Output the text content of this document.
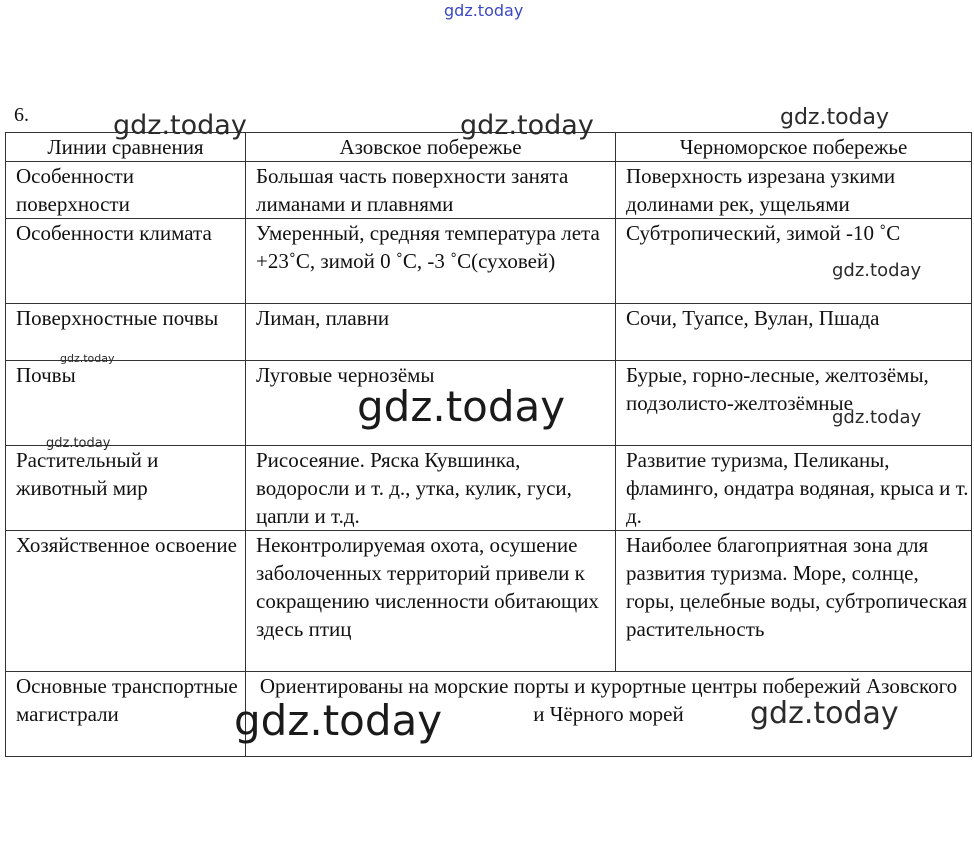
gdz.today
6.
Линии сравнения	Азовское побережье	Черноморское побережье
Особенности поверхности	Большая часть поверхности занята лиманами и плавнями	Поверхность изрезана узкими долинами рек, ущельями
Особенности климата	Умеренный, средняя температура лета +23˚С, зимой 0 ˚С, -3 ˚С(суховей)	Субтропический, зимой -10 ˚С
Поверхностные почвы	Лиман, плавни	Сочи, Туапсе, Вулан, Пшада
Почвы	Луговые чернозёмы	Бурые, горно-лесные, желтозёмы, подзолисто-желтозёмные
Растительный и животный мир	Рисосеяние. Ряска Кувшинка, водоросли и т. д., утка, кулик, гуси, цапли и т.д.	Развитие туризма, Пеликаны, фламинго, ондатра водяная, крыса и т. д.
Хозяйственное освоение	Неконтролируемая охота, осушение заболоченных территорий привели к сокращению численности обитающих здесь птиц	Наиболее благоприятная зона для развития туризма. Море, солнце, горы, целебные воды, субтропическая растительность
Основные транспортные магистрали	Ориентированы на морские порты и курортные центры побережий Азовского и Чёрного морей	
gdz.today	gdz.today	gdz.today
gdz.today
gdz.today
gdz.today	gdz.today
gdz.today
gdz.today	gdz.today
